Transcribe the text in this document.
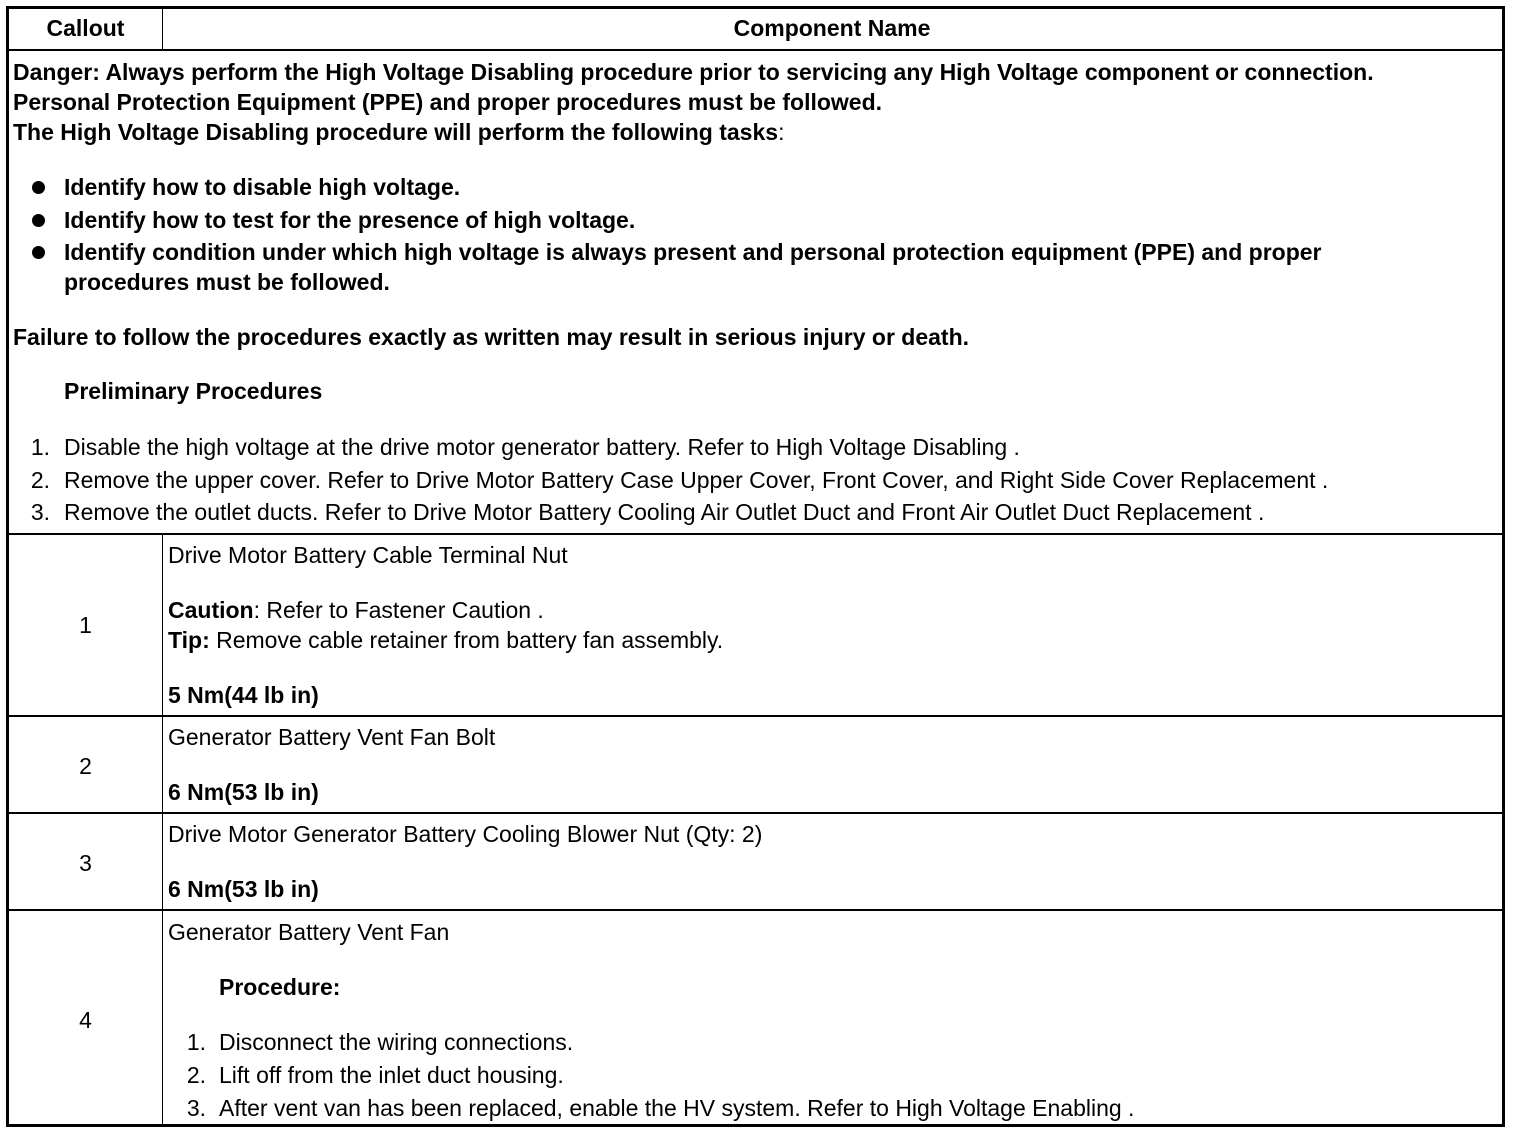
Callout	Component Name
Danger: Always perform the High Voltage Disabling procedure prior to servicing any High Voltage component or connection.
Personal Protection Equipment (PPE) and proper procedures must be followed.
The High Voltage Disabling procedure will perform the following tasks:
Identify how to disable high voltage.
Identify how to test for the presence of high voltage.
Identify condition under which high voltage is always present and personal protection equipment (PPE) and proper
procedures must be followed.
Failure to follow the procedures exactly as written may result in serious injury or death.
Preliminary Procedures
1. Disable the high voltage at the drive motor generator battery. Refer to High Voltage Disabling .
2. Remove the upper cover. Refer to Drive Motor Battery Case Upper Cover, Front Cover, and Right Side Cover Replacement .
3. Remove the outlet ducts. Refer to Drive Motor Battery Cooling Air Outlet Duct and Front Air Outlet Duct Replacement .
1
Drive Motor Battery Cable Terminal Nut
Caution: Refer to Fastener Caution .
Tip: Remove cable retainer from battery fan assembly.
5 Nm(44 lb in)
2
Generator Battery Vent Fan Bolt
6 Nm(53 lb in)
3
Drive Motor Generator Battery Cooling Blower Nut (Qty: 2)
6 Nm(53 lb in)
4
Generator Battery Vent Fan
Procedure:
1. Disconnect the wiring connections.
2. Lift off from the inlet duct housing.
3. After vent van has been replaced, enable the HV system. Refer to High Voltage Enabling .
